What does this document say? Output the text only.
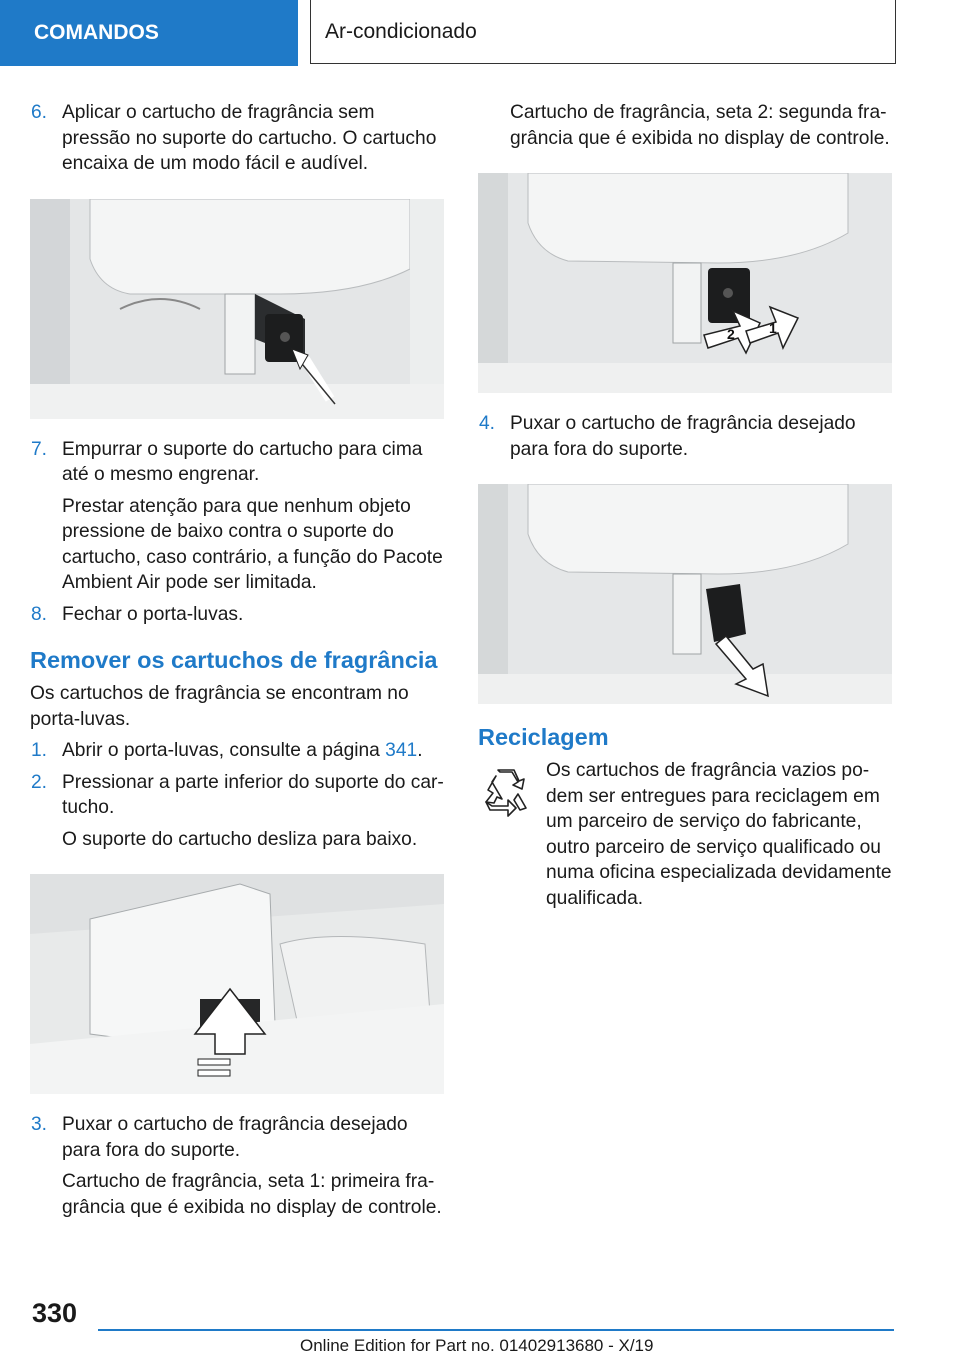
COMANDOS	Ar-condicionado
6. Aplicar o cartucho de fragrância sem pressão no suporte do cartucho. O cartucho encaixa de um modo fácil e audível.
7. Empurrar o suporte do cartucho para cima até o mesmo engrenar.
Prestar atenção para que nenhum objeto pressione de baixo contra o suporte do cartucho, caso contrário, a função do Pacote Ambient Air pode ser limitada.
8. Fechar o porta-luvas.
Remover os cartuchos de fragrância
Os cartuchos de fragrância se encontram no porta-luvas.
1. Abrir o porta-luvas, consulte a página 341.
2. Pressionar a parte inferior do suporte do cartucho.
O suporte do cartucho desliza para baixo.
3. Puxar o cartucho de fragrância desejado para fora do suporte.
Cartucho de fragrância, seta 1: primeira fragrância que é exibida no display de controle.
Cartucho de fragrância, seta 2: segunda fragrância que é exibida no display de controle.
2 1
4. Puxar o cartucho de fragrância desejado para fora do suporte.
Reciclagem
Os cartuchos de fragrância vazios podem ser entregues para reciclagem em um parceiro de serviço do fabricante, outro parceiro de serviço qualificado ou numa oficina especializada devidamente qualificada.
330
Online Edition for Part no. 01402913680 - X/19
